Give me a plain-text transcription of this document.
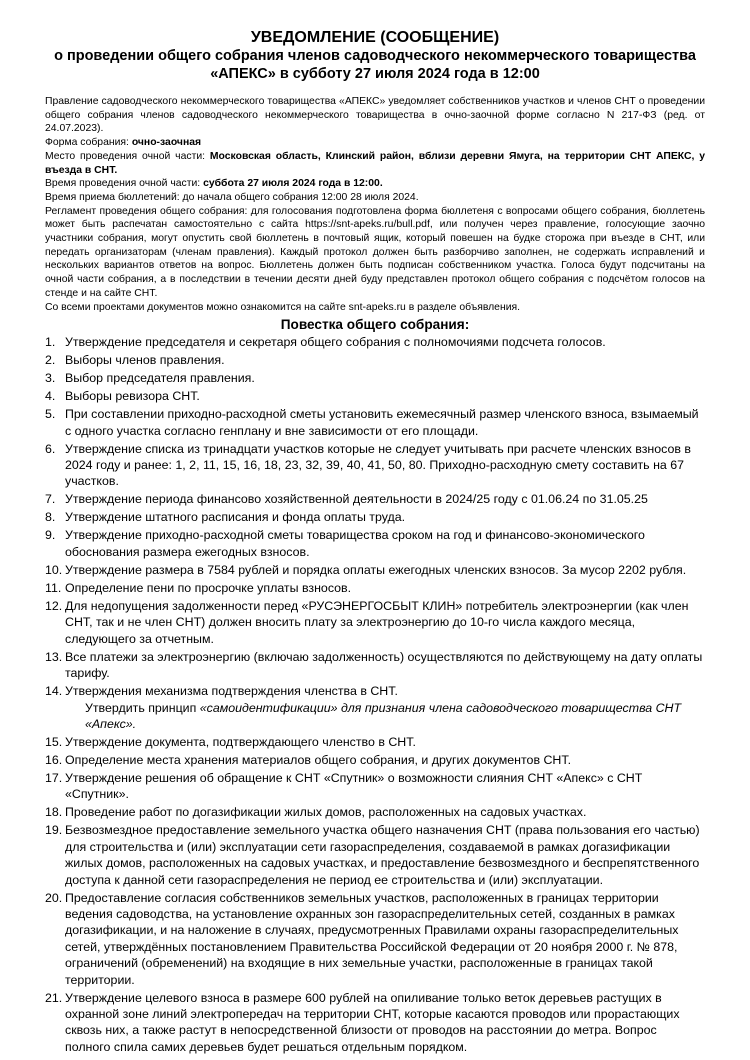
УВЕДОМЛЕНИЕ (СООБЩЕНИЕ)

о проведении общего собрания членов садоводческого некоммерческого товарищества

«АПЕКС» в субботу 27 июля 2024 года в 12:00

Правление садоводческого некоммерческого товарищества «АПЕКС» уведомляет собственников участков и членов СНТ о проведении общего собрания членов садоводческого некоммерческого товарищества в очно-заочной форме согласно N 217-ФЗ (ред. от 24.07.2023).

Форма собрания: очно-заочная

Место проведения очной части: Московская область, Клинский район, вблизи деревни Ямуга, на территории СНТ АПЕКС, у въезда в СНТ.

Время проведения очной части: суббота 27 июля 2024 года в 12:00.

Время приема бюллетений: до начала общего собрания 12:00 28 июля 2024.

Регламент проведения общего собрания: для голосования подготовлена форма бюллетеня с вопросами общего собрания, бюллетень может быть распечатан самостоятельно с сайта https://snt-apeks.ru/bull.pdf, или получен через правление, голосующие заочно участники собрания, могут опустить свой бюллетень в почтовый ящик, который повешен на будке сторожа при въезде в СНТ, или передать организаторам (членам правления). Каждый протокол должен быть разборчиво заполнен, не содержать исправлений и нескольких вариантов ответов на вопрос. Бюллетень должен быть подписан собственником участка. Голоса будут подсчитаны на очной части собрания, а в последствии в течении десяти дней буду представлен протокол общего собрания с подсчётом голосов на стенде и на сайте СНТ.

Со всеми проектами документов можно ознакомится на сайте snt-apeks.ru в разделе объявления.

Повестка общего собрания:

1. Утверждение председателя и секретаря общего собрания с полномочиями подсчета голосов.
2. Выборы членов правления.
3. Выбор председателя правления.
4. Выборы ревизора СНТ.
5. При составлении приходно-расходной сметы установить ежемесячный размер членского взноса, взымаемый с одного участка согласно генплану и вне зависимости от его площади.
6. Утверждение списка из тринадцати участков которые не следует учитывать при расчете членских взносов в 2024 году и ранее: 1, 2, 11, 15, 16, 18, 23, 32, 39, 40, 41, 50, 80. Приходно-расходную смету составить на 67 участков.
7. Утверждение периода финансово хозяйственной деятельности в 2024/25 году с 01.06.24 по 31.05.25
8. Утверждение штатного расписания и фонда оплаты труда.
9. Утверждение приходно-расходной сметы товарищества сроком на год и финансово-экономического обоснования размера ежегодных взносов.
10. Утверждение размера в 7584 рублей и порядка оплаты ежегодных членских взносов. За мусор 2202 рубля.
11. Определение пени по просрочке уплаты взносов.
12. Для недопущения задолженности перед «РУСЭНЕРГОСБЫТ КЛИН» потребитель электроэнергии (как член СНТ, так и не член СНТ) должен вносить плату за электроэнергию до 10-го числа каждого месяца, следующего за отчетным.
13. Все платежи за электроэнергию (включаю задолженность) осуществляются по действующему на дату оплаты тарифу.
14. Утверждения механизма подтверждения членства в СНТ.
Утвердить принцип «самоидентификации» для признания члена садоводческого товарищества СНТ «Апекс».
15. Утверждение документа, подтверждающего членство в СНТ.
16. Определение места хранения материалов общего собрания, и других документов СНТ.
17. Утверждение решения об обращение к СНТ «Спутник» о возможности слияния СНТ «Апекс» с СНТ «Спутник».
18. Проведение работ по догазификации жилых домов, расположенных на садовых участках.
19. Безвозмездное предоставление земельного участка общего назначения СНТ (права пользования его частью) для строительства и (или) эксплуатации сети газораспределения, создаваемой в рамках догазификации жилых домов, расположенных на садовых участках, и предоставление безвозмездного и беспрепятственного доступа к данной сети газораспределения не период ее строительства и (или) эксплуатации.
20. Предоставление согласия собственников земельных участков, расположенных в границах территории ведения садоводства, на установление охранных зон газораспределительных сетей, созданных в рамках догазификации, и на наложение в случаях, предусмотренных Правилами охраны газораспределительных сетей, утверждённых постановлением Правительства Российской Федерации от 20 ноября 2000 г. № 878, ограничений (обременений) на входящие в них земельные участки, расположенные в границах такой территории.
21. Утверждение целевого взноса в размере 600 рублей на опиливание только веток деревьев растущих в охранной зоне линий электропередач на территории СНТ, которые касаются проводов или прорастающих сквозь них, а также растут в непосредственной близости от проводов на расстоянии до метра. Вопрос полного спила самих деревьев будет решаться отдельным порядком.
